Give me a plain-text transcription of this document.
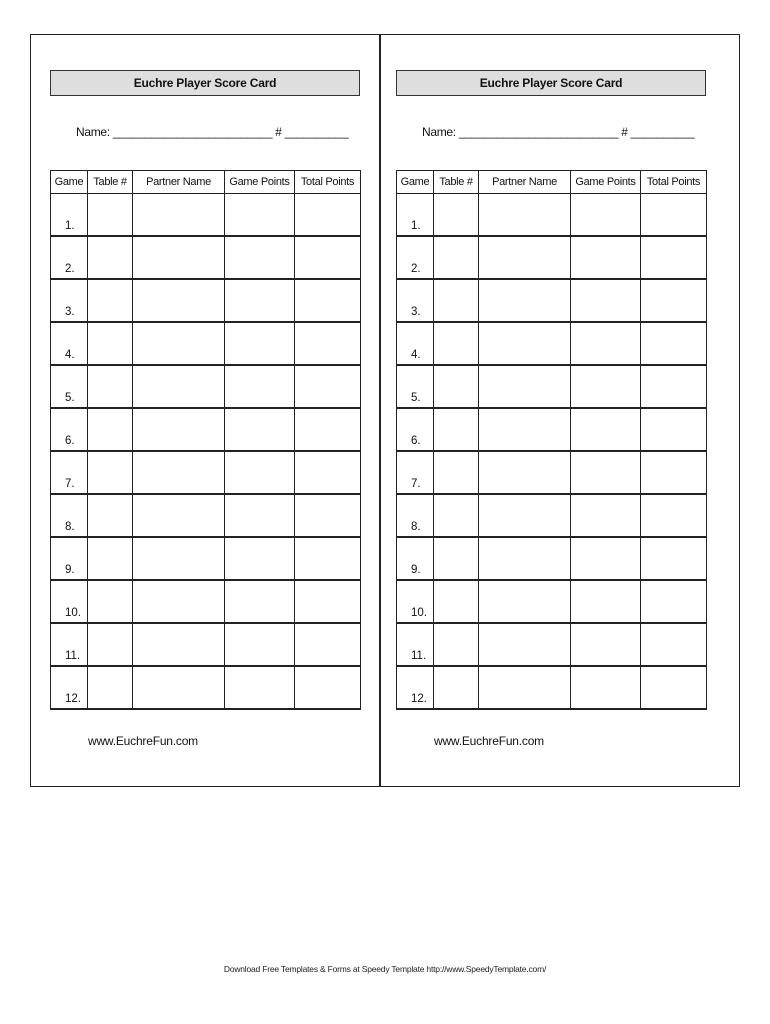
Euchre Player Score Card
Name: _________________________ # __________
Game	Table #	Partner Name	Game Points	Total Points
1.				
2.				
3.				
4.				
5.				
6.				
7.				
8.				
9.				
10.				
11.				
12.				
www.EuchreFun.com
Euchre Player Score Card
Name: _________________________ # __________
Game	Table #	Partner Name	Game Points	Total Points
1.				
2.				
3.				
4.				
5.				
6.				
7.				
8.				
9.				
10.				
11.				
12.				
www.EuchreFun.com
Download Free Templates & Forms at Speedy Template http://www.SpeedyTemplate.com/
